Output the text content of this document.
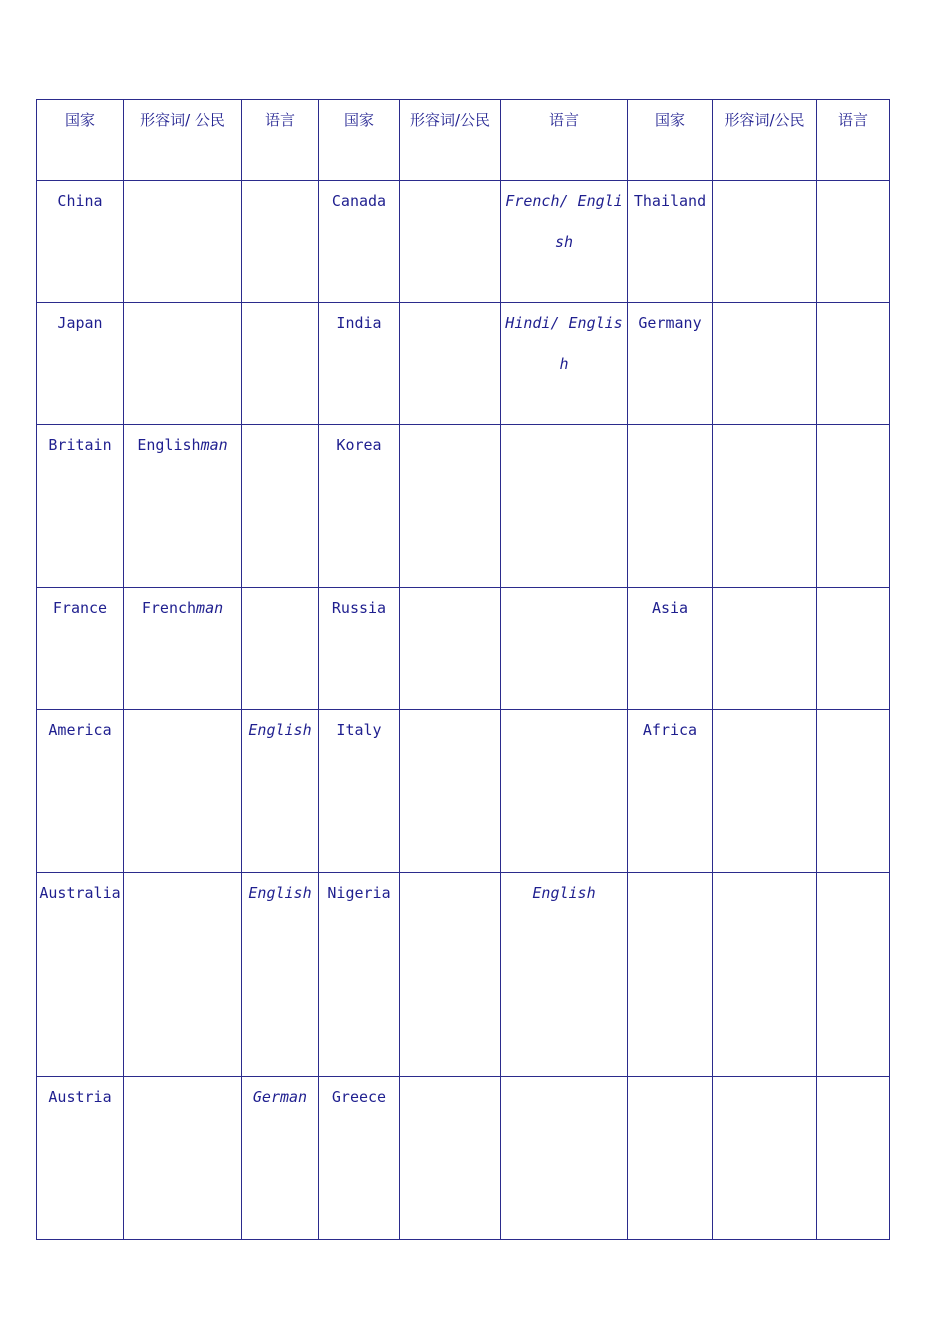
国家	形容词/ 公民	语言	国家	形容词/公民	语言	国家	形容词/公民	语言
China			Canada		French/ English	Thailand		
Japan			India		Hindi/ English	Germany		
Britain	Englishman		Korea					
France	Frenchman		Russia			Asia		
America		English	Italy			Africa		
Australia		English	Nigeria		English			
Austria		German	Greece					
